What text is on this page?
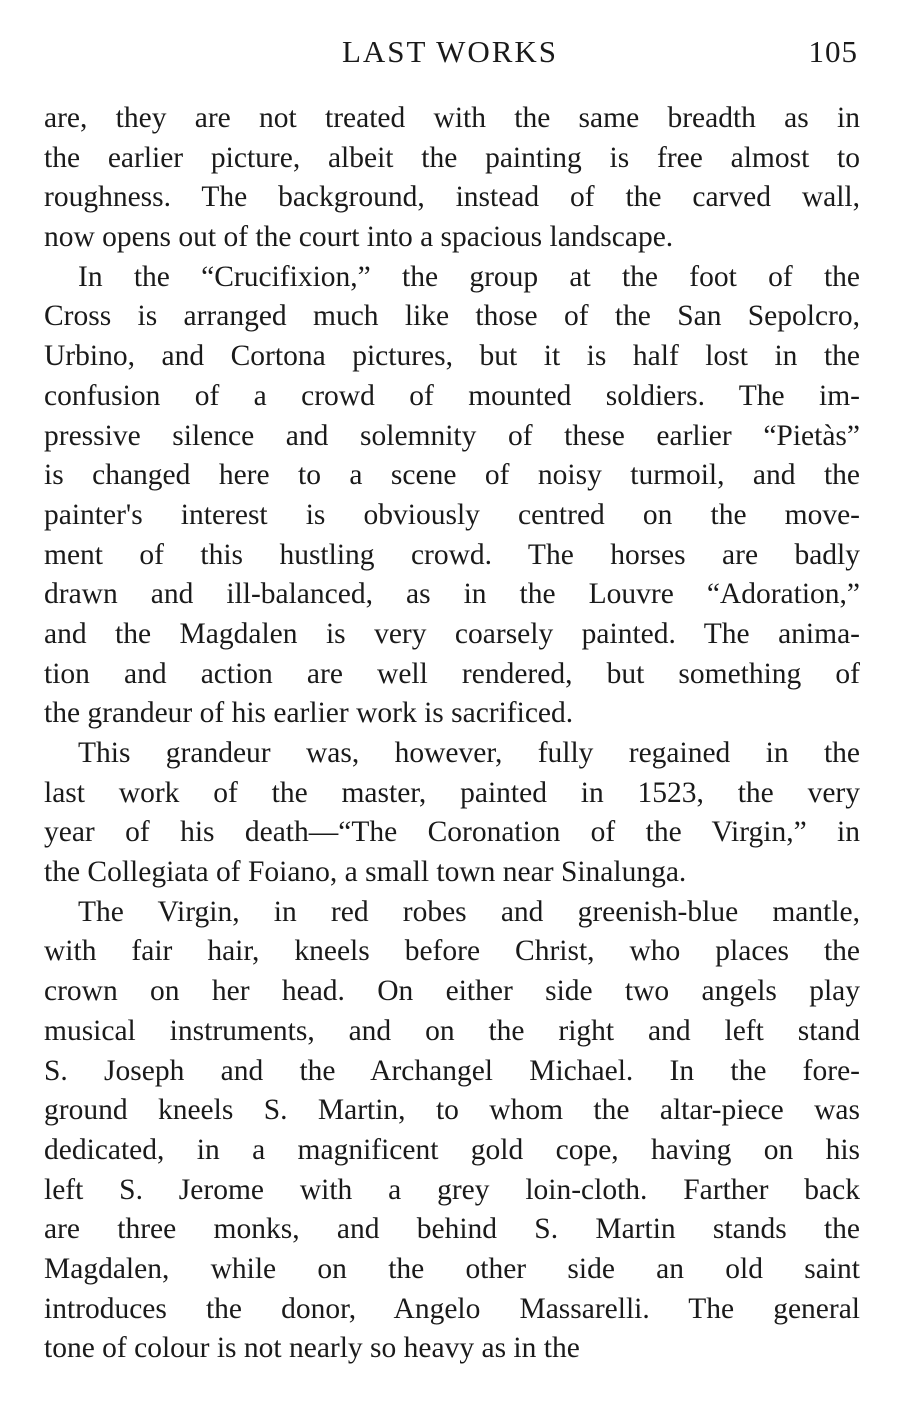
LAST WORKS	105
are, they are not treated with the same breadth as in
the earlier picture, albeit the painting is free almost to
roughness. The background, instead of the carved wall,
now opens out of the court into a spacious landscape.
In the “Crucifixion,” the group at the foot of the
Cross is arranged much like those of the San Sepolcro,
Urbino, and Cortona pictures, but it is half lost in the
confusion of a crowd of mounted soldiers. The im-
pressive silence and solemnity of these earlier “Pietàs”
is changed here to a scene of noisy turmoil, and the
painter's interest is obviously centred on the move-
ment of this hustling crowd. The horses are badly
drawn and ill-balanced, as in the Louvre “Adoration,”
and the Magdalen is very coarsely painted. The anima-
tion and action are well rendered, but something of
the grandeur of his earlier work is sacrificed.
This grandeur was, however, fully regained in the
last work of the master, painted in 1523, the very
year of his death—“The Coronation of the Virgin,” in
the Collegiata of Foiano, a small town near Sinalunga.
The Virgin, in red robes and greenish-blue mantle,
with fair hair, kneels before Christ, who places the
crown on her head. On either side two angels play
musical instruments, and on the right and left stand
S. Joseph and the Archangel Michael. In the fore-
ground kneels S. Martin, to whom the altar-piece was
dedicated, in a magnificent gold cope, having on his
left S. Jerome with a grey loin-cloth. Farther back
are three monks, and behind S. Martin stands the
Magdalen, while on the other side an old saint
introduces the donor, Angelo Massarelli. The general
tone of colour is not nearly so heavy as in the
